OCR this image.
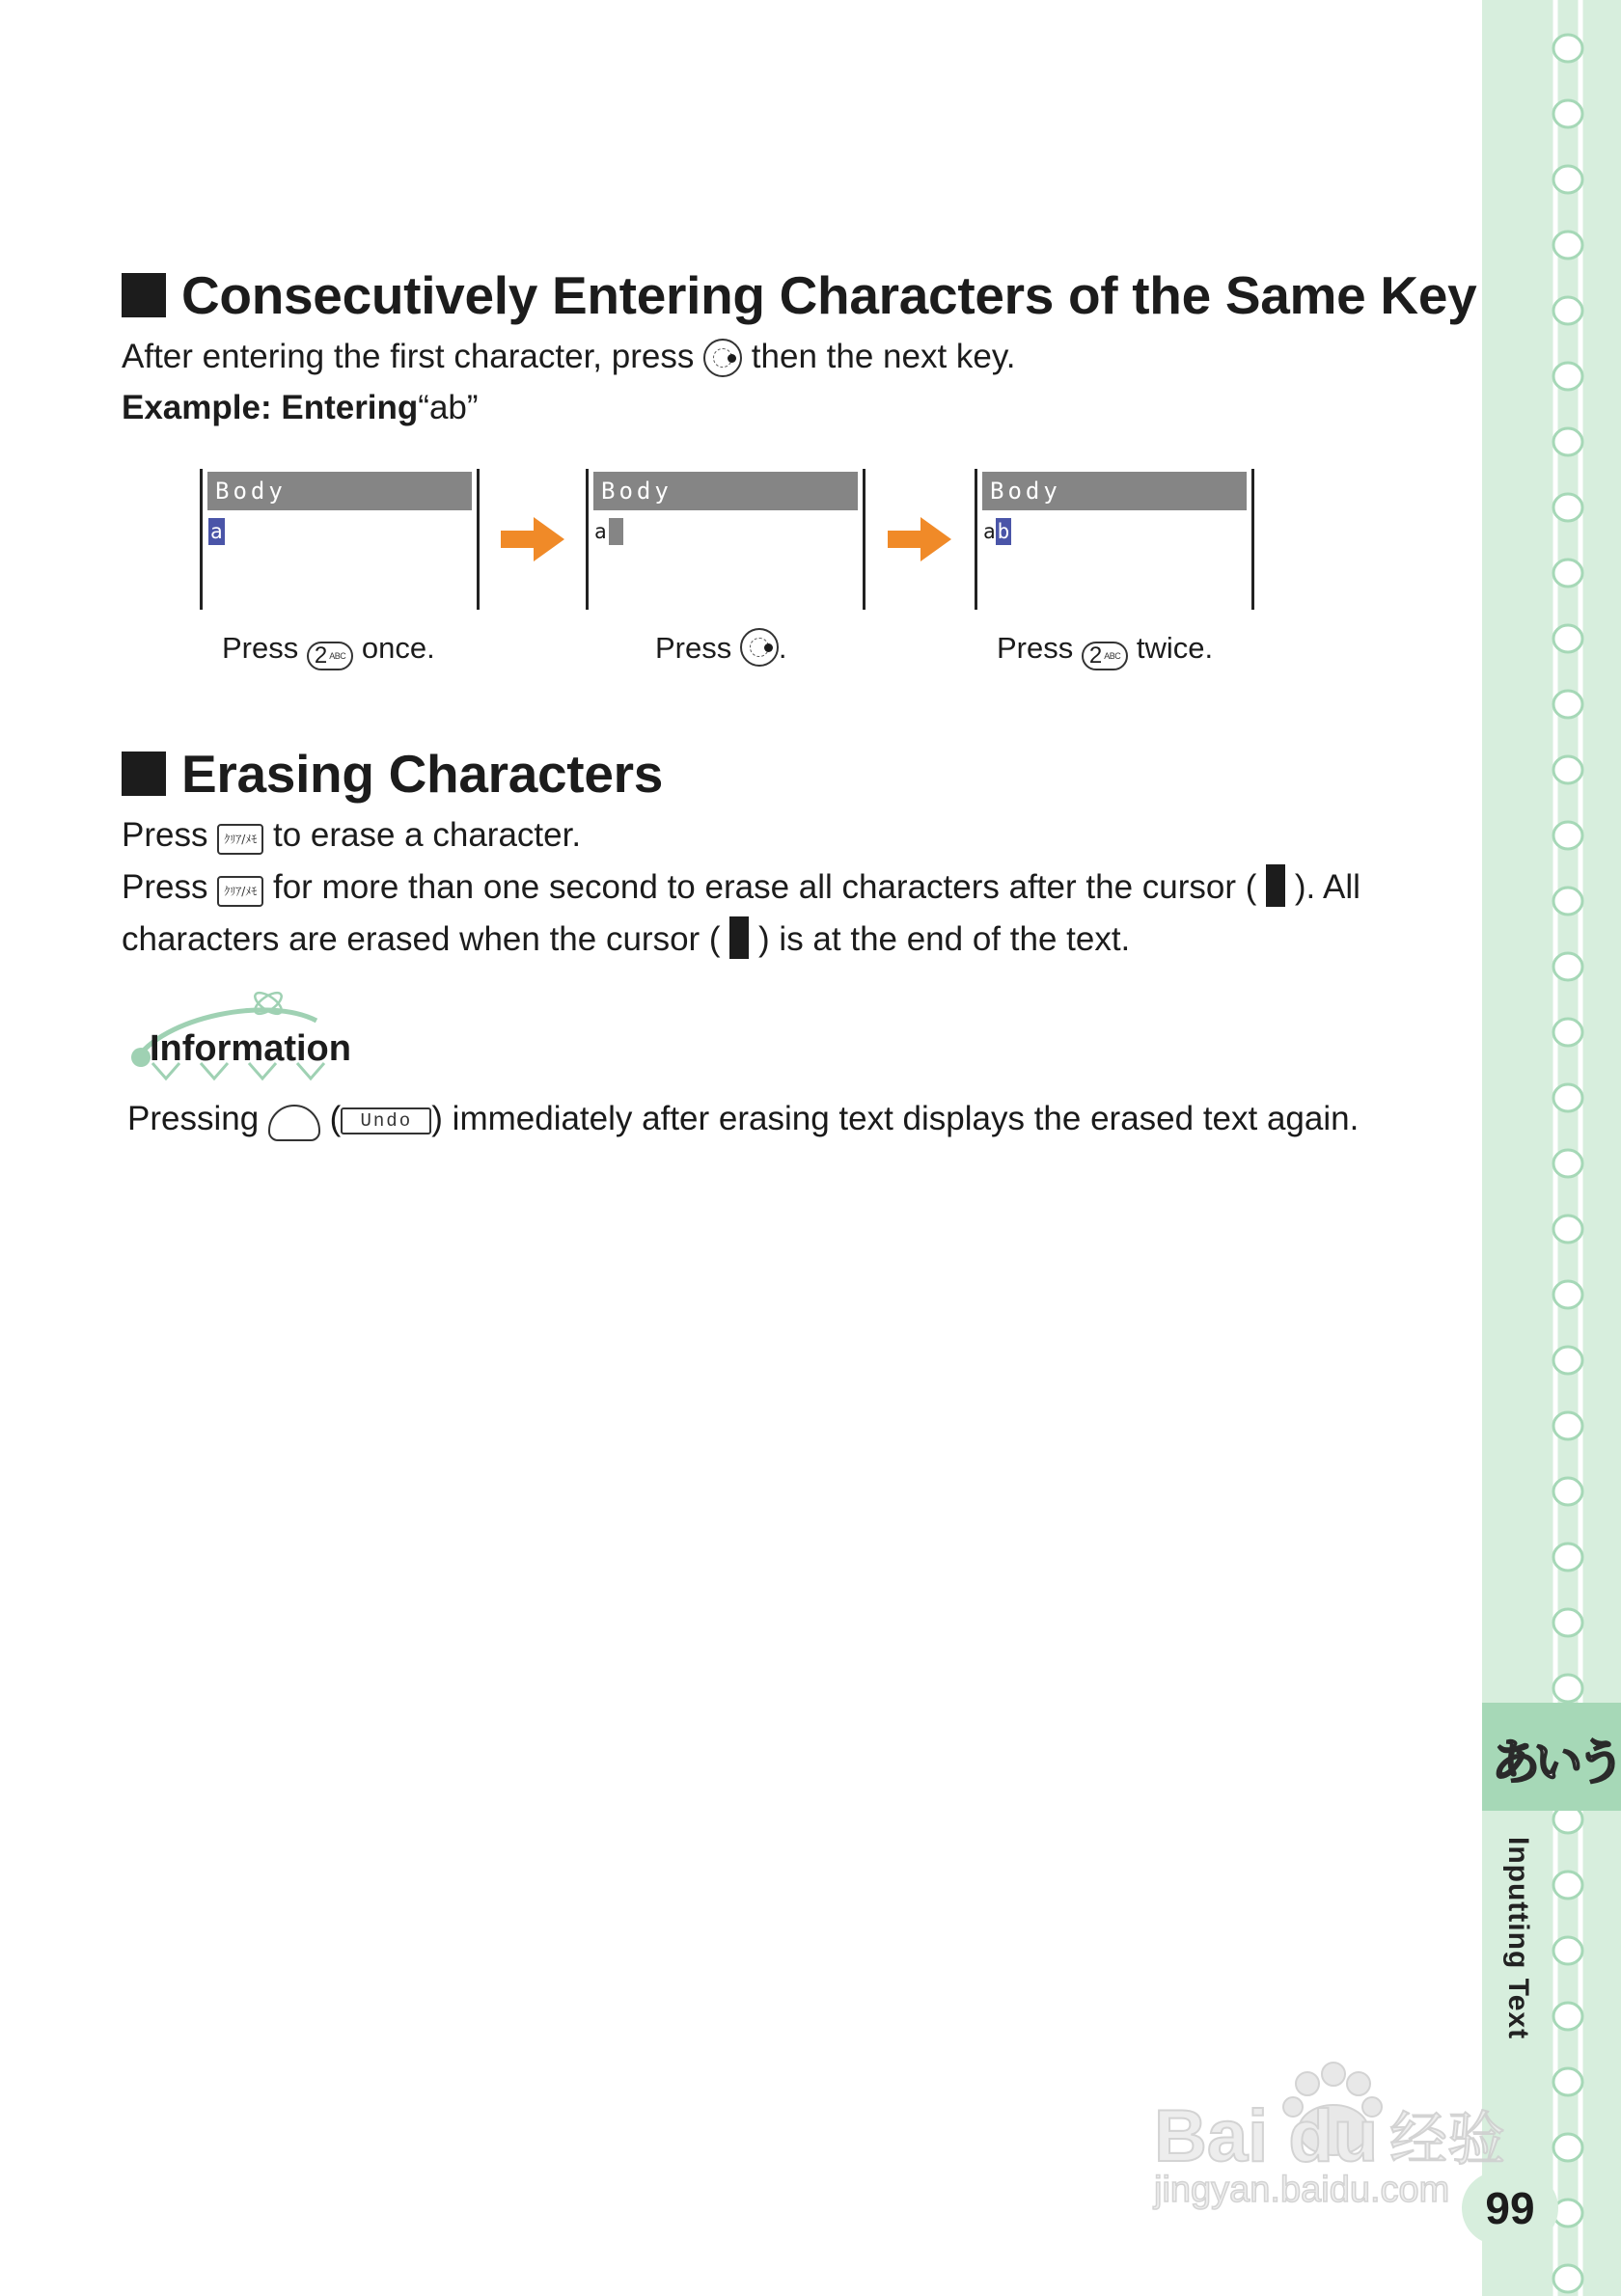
Consecutively Entering Characters of the Same Key
After entering the first character, press then the next key.
Example: Entering“ab”
Body
a
Body
a
Body
a b
Press 2 ABC once.	Press .	Press 2 ABC twice.
Erasing Characters
Press ｸﾘｱ/ﾒﾓ to erase a character.
Press ｸﾘｱ/ﾒﾓ for more than one second to erase all characters after the cursor ( ). All
characters are erased when the cursor ( ) is at the end of the text.
Information
Pressing ( Undo ) immediately after erasing text displays the erased text again.
あいう
Inputting Text
Bai du 经验
jingyan.baidu.com 99
